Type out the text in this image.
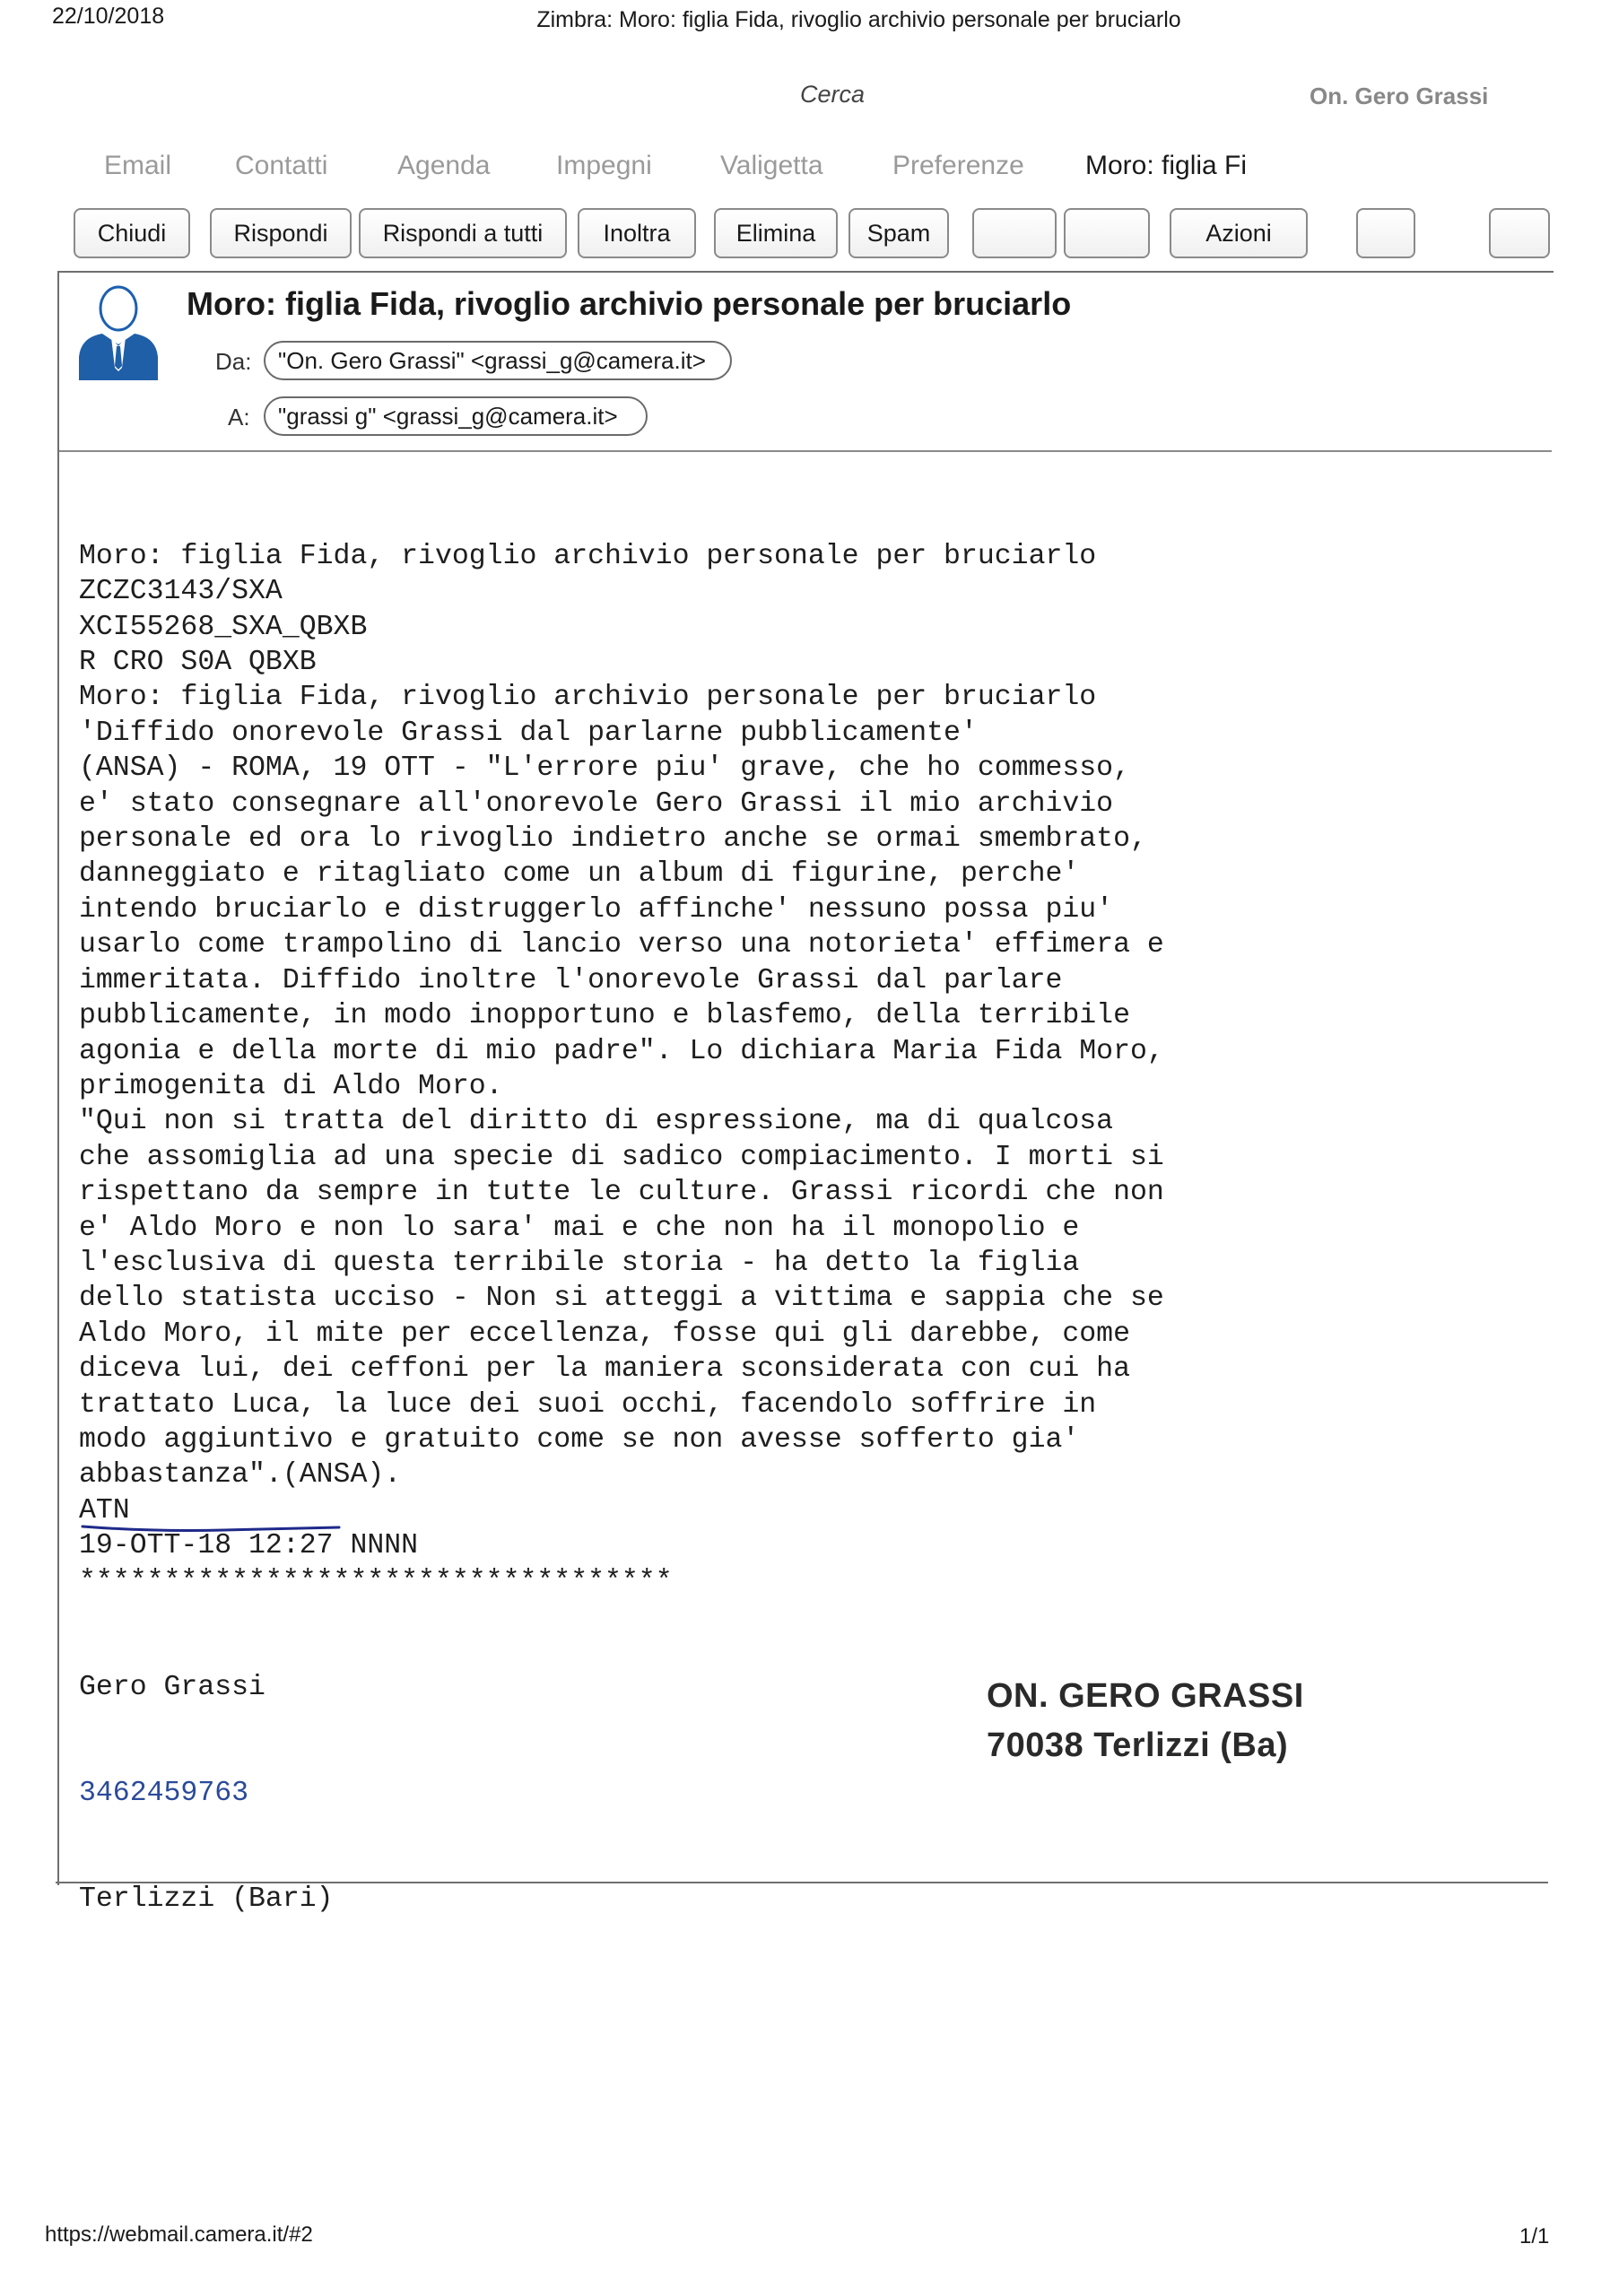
22/10/2018	Zimbra: Moro: figlia Fida, rivoglio archivio personale per bruciarlo
Cerca	On. Gero Grassi
Email Contatti	Agenda Impegni	Valigetta	Preferenze Moro: figlia Fi
Chiudi	Rispondi	Rispondi a tutti	Inoltra	Elimina	Spam	Azioni
Moro: figlia Fida, rivoglio archivio personale per bruciarlo
Da:	"On. Gero Grassi" <grassi_g@camera.it>
A:	"grassi g" <grassi_g@camera.it>

Moro: figlia Fida, rivoglio archivio personale per bruciarlo
ZCZC3143/SXA
XCI55268_SXA_QBXB
R CRO S0A QBXB
Moro: figlia Fida, rivoglio archivio personale per bruciarlo
'Diffido onorevole Grassi dal parlarne pubblicamente'
(ANSA) - ROMA, 19 OTT - "L'errore piu' grave, che ho commesso,
e' stato consegnare all'onorevole Gero Grassi il mio archivio
personale ed ora lo rivoglio indietro anche se ormai smembrato,
danneggiato e ritagliato come un album di figurine, perche'
intendo bruciarlo e distruggerlo affinche' nessuno possa piu'
usarlo come trampolino di lancio verso una notorieta' effimera e
immeritata. Diffido inoltre l'onorevole Grassi dal parlare
pubblicamente, in modo inopportuno e blasfemo, della terribile
agonia e della morte di mio padre". Lo dichiara Maria Fida Moro,
primogenita di Aldo Moro.
"Qui non si tratta del diritto di espressione, ma di qualcosa
che assomiglia ad una specie di sadico compiacimento. I morti si
rispettano da sempre in tutte le culture. Grassi ricordi che non
e' Aldo Moro e non lo sara' mai e che non ha il monopolio e
l'esclusiva di questa terribile storia - ha detto la figlia
dello statista ucciso - Non si atteggi a vittima e sappia che se
Aldo Moro, il mite per eccellenza, fosse qui gli darebbe, come
diceva lui, dei ceffoni per la maniera sconsiderata con cui ha
trattato Luca, la luce dei suoi occhi, facendolo soffrire in
modo aggiuntivo e gratuito come se non avesse sofferto gia'
abbastanza".(ANSA).
ATN
19-OTT-18 12:27 NNNN
***********************************

Gero Grassi

3462459763

Terlizzi (Bari)

ON. GERO GRASSI
70038 Terlizzi (Ba)
https://webmail.camera.it/#2	1/1
